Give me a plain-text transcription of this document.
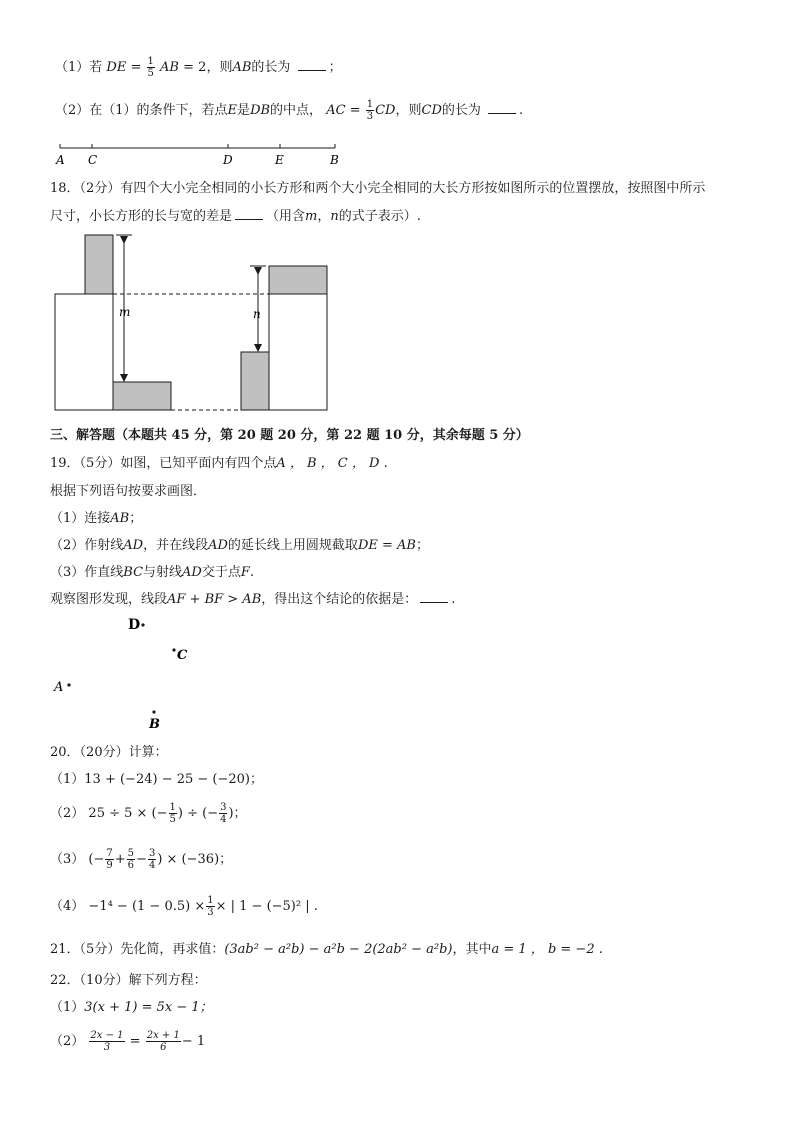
（1）若 DE = $\frac{1}{5}$ AB = 2，则AB的长为	；
（2）在（1）的条件下，若点E是DB的中点， AC = $\frac{1}{3}$ CD，则CD的长为	.
A C	D	E	B
18．（2分）有四个大小完全相同的小长方形和两个大小完全相同的大长方形按如图所示的位置摆放，按照图中所示
尺寸，小长方形的长与宽的差是	（用含m，n的式子表示）.
m	n
三、解答题（本题共 45 分，第 20 题 20 分，第 22 题 10 分，其余每题 5 分）
19．（5分）如图，已知平面内有四个点A ， B ， C ， D .
根据下列语句按要求画图．
（1）连接AB；
（2）作射线AD，并在线段AD的延长线上用圆规截取DE = AB；
（3）作直线BC与射线AD交于点F.
观察图形发现，线段AF + BF > AB，得出这个结论的依据是：	.
D
C
A
B
20．（20分）计算：
（1）13 + (−24) − 25 − (−20)；
（2） 25 ÷ 5 × (− $\frac{1}{5}$ ) ÷ (− $\frac{3}{4}$ )；
（3） (− $\frac{7}{9} + \frac{5}{6} - \frac{3}{4}$ ) × (−36)；
$(4) -1^4 - (1 - 0.5) \times \frac{1}{3}$ × | 1 − (−5)² | .
21．（5分）先化简，再求值：(3ab² − a²b) − a²b − 2(2ab² − a²b)，其中a = 1 ， b = −2 .
22．（10分）解下列方程：
（1）3(x + 1) = 5x − 1；
$(2) \frac{2x - 1}{3} = \frac{2x + 1}{6} - 1$
